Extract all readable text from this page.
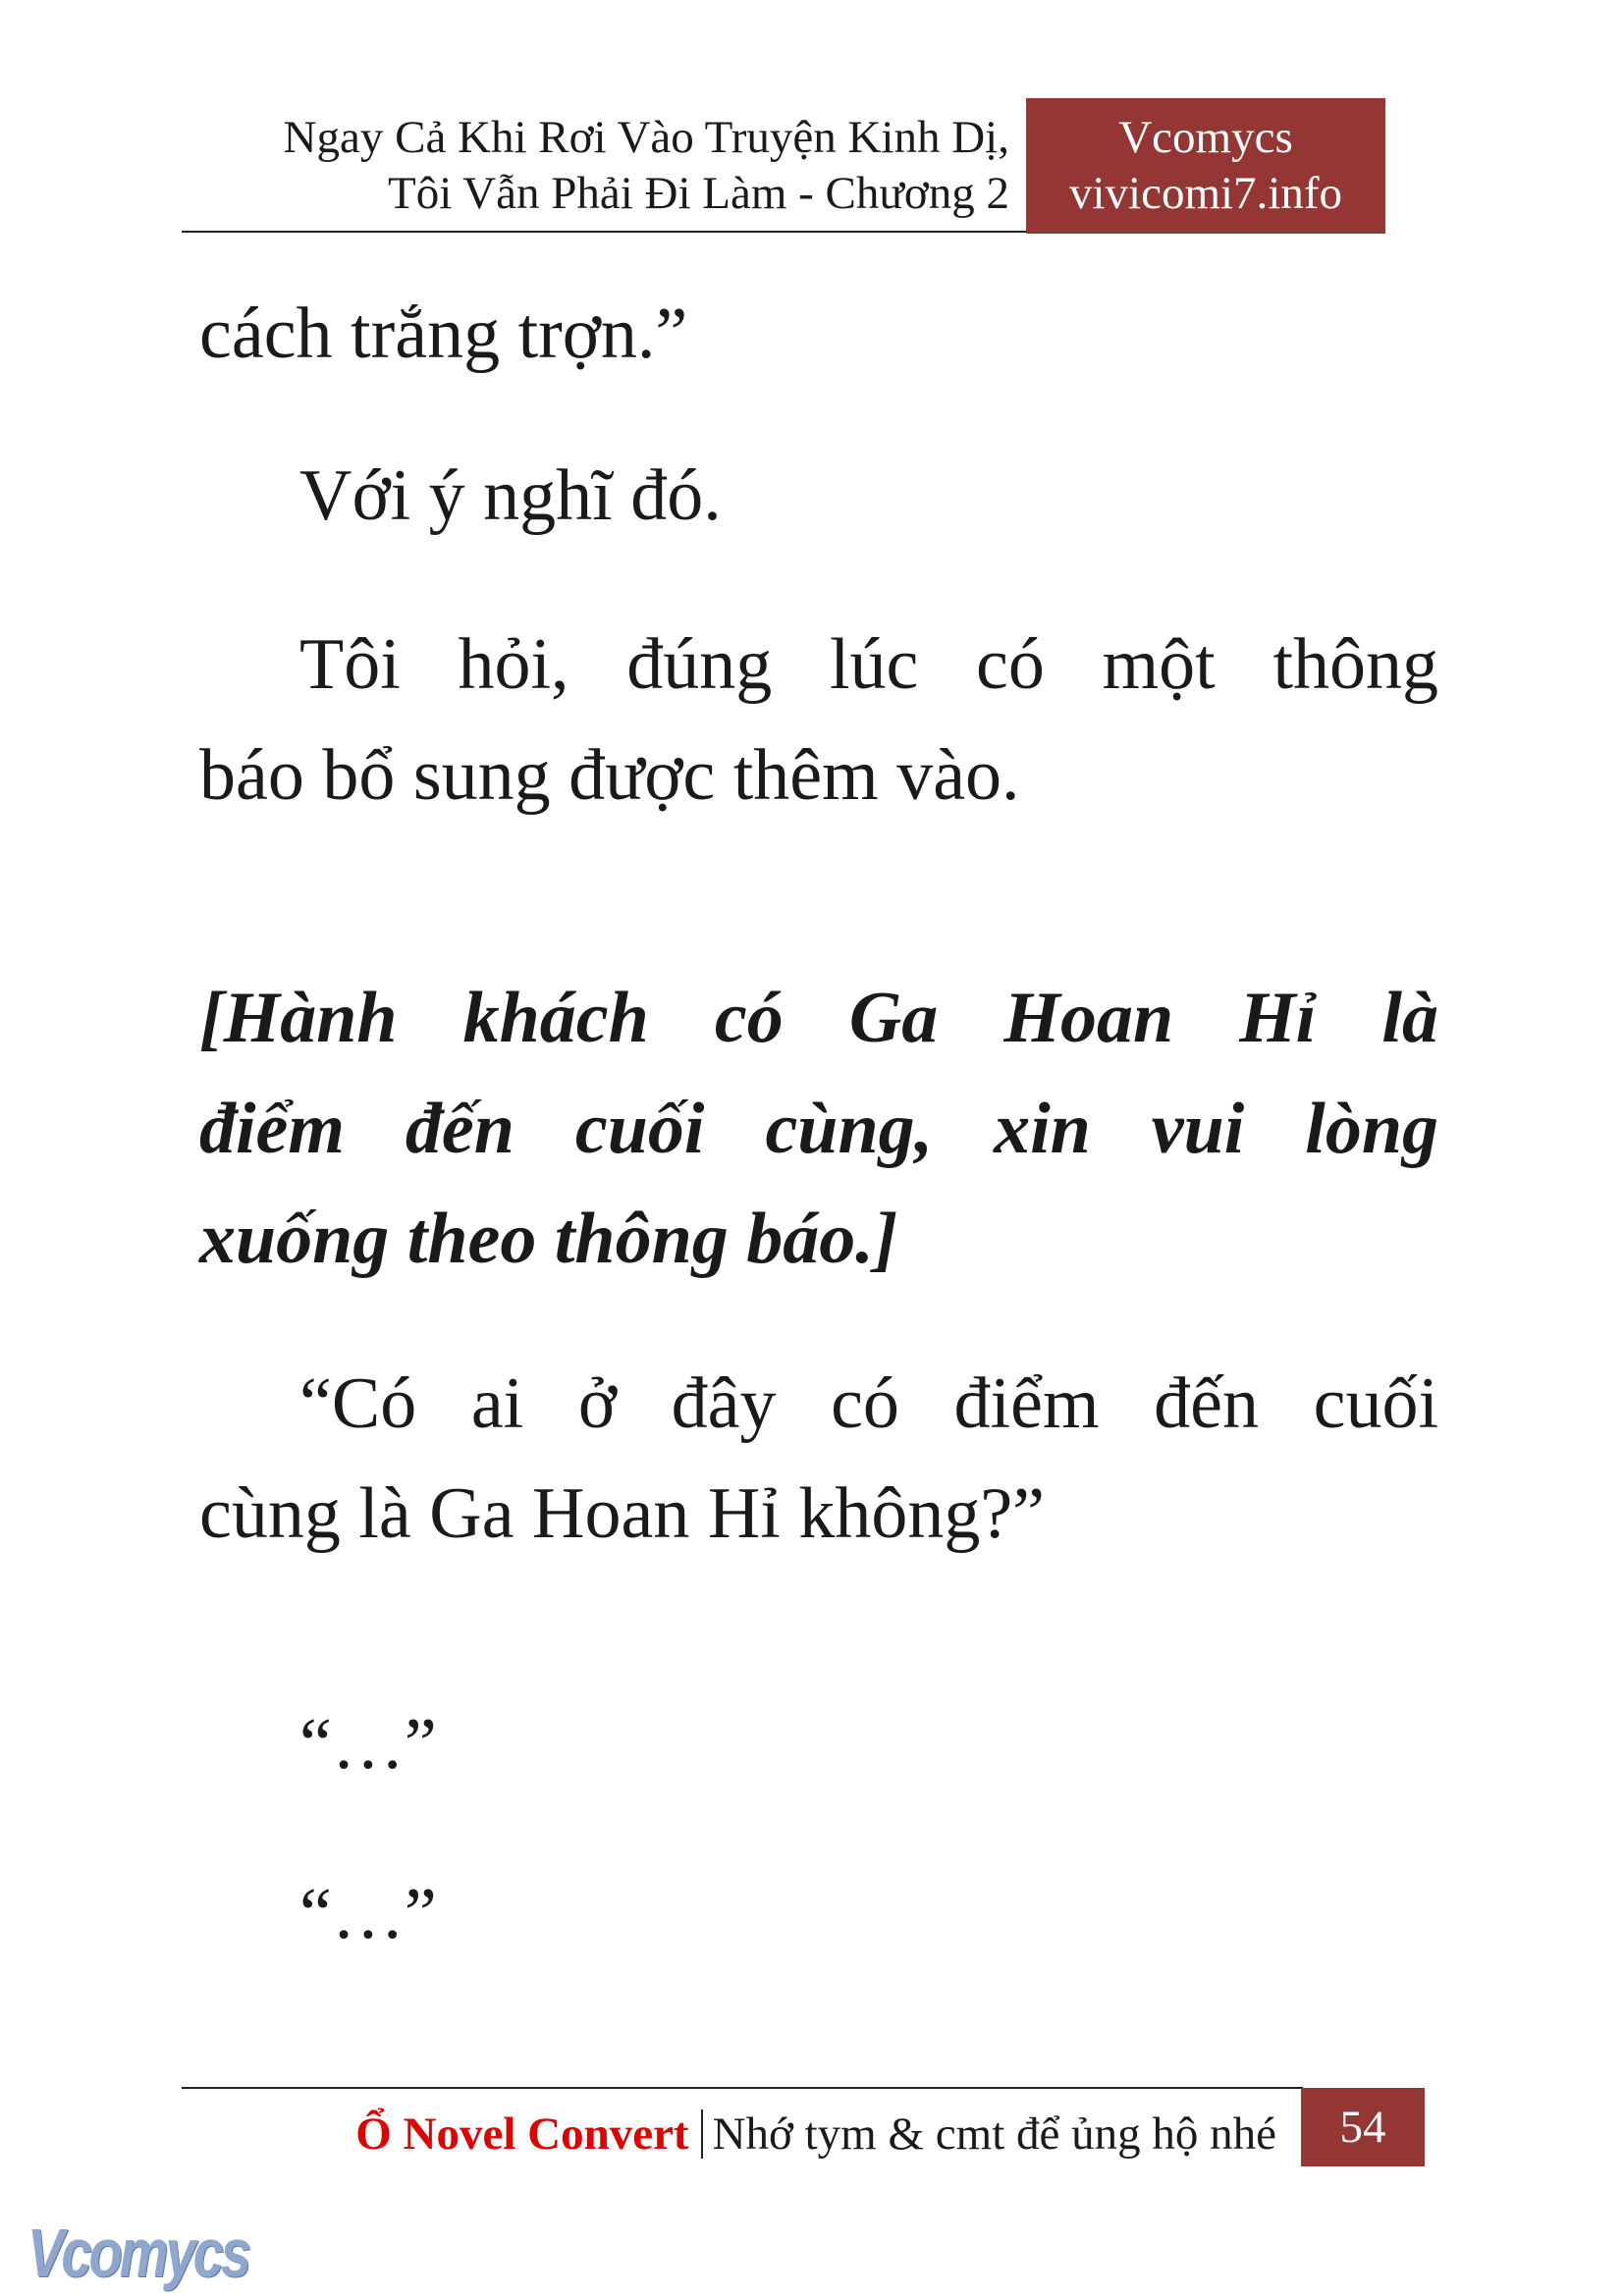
Ngay Cả Khi Rơi Vào Truyện Kinh Dị,
Tôi Vẫn Phải Đi Làm - Chương 2
Vcomycs
vivicomi7.info
cách trắng trợn.”
Với ý nghĩ đó.
Tôi hỏi, đúng lúc có một thông
báo bổ sung được thêm vào.
[Hành khách có Ga Hoan Hỉ là
điểm đến cuối cùng, xin vui lòng
xuống theo thông báo.]
“Có ai ở đây có điểm đến cuối
cùng là Ga Hoan Hỉ không?”
“…”
“…”
Ổ Novel Convert Nhớ tym & cmt để ủng hộ nhé	54
Vcomycs
